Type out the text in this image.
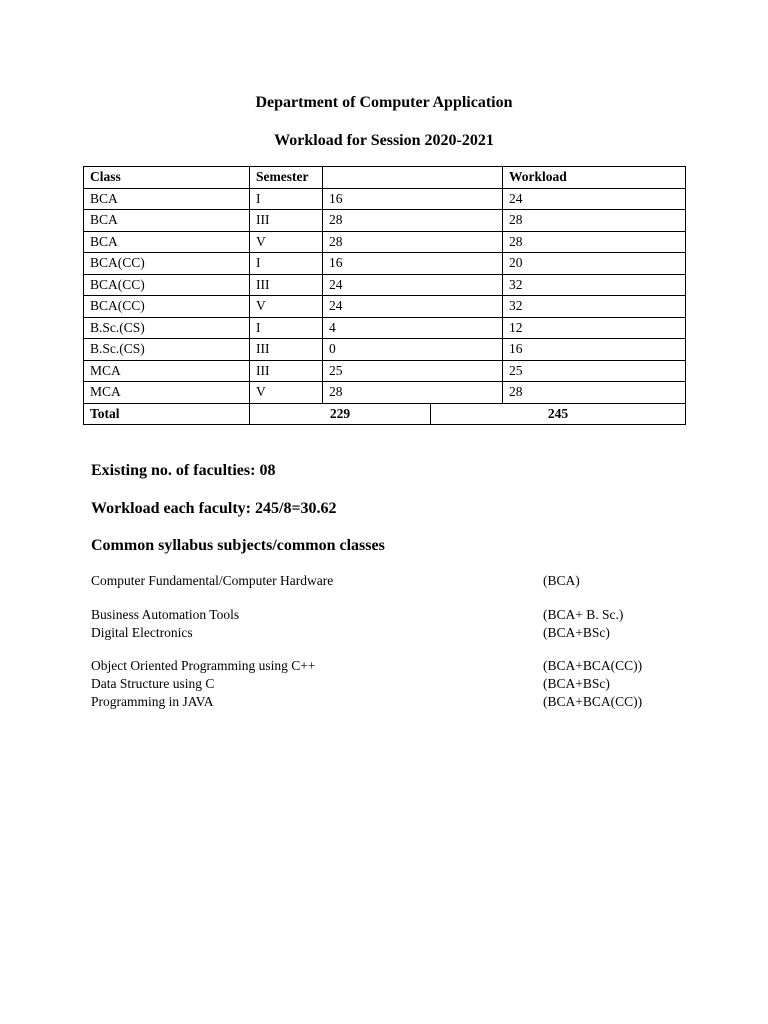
Department of Computer Application
Workload for Session 2020-2021
Class	Semester			Workload
BCA	I	16		24
BCA	III	28		28
BCA	V	28		28
BCA(CC)	I	16		20
BCA(CC)	III	24		32
BCA(CC)	V	24		32
B.Sc.(CS)	I	4		12
B.Sc.(CS)	III	0		16
MCA	III	25		25
MCA	V	28		28
Total	229		245	
Existing no. of faculties: 08
Workload each faculty: 245/8=30.62
Common syllabus subjects/common classes
Computer Fundamental/Computer Hardware	(BCA)
Business Automation Tools	(BCA+ B. Sc.)
Digital Electronics	(BCA+BSc)
Object Oriented Programming using C++	(BCA+BCA(CC))
Data Structure using C	(BCA+BSc)
Programming in JAVA	(BCA+BCA(CC))
